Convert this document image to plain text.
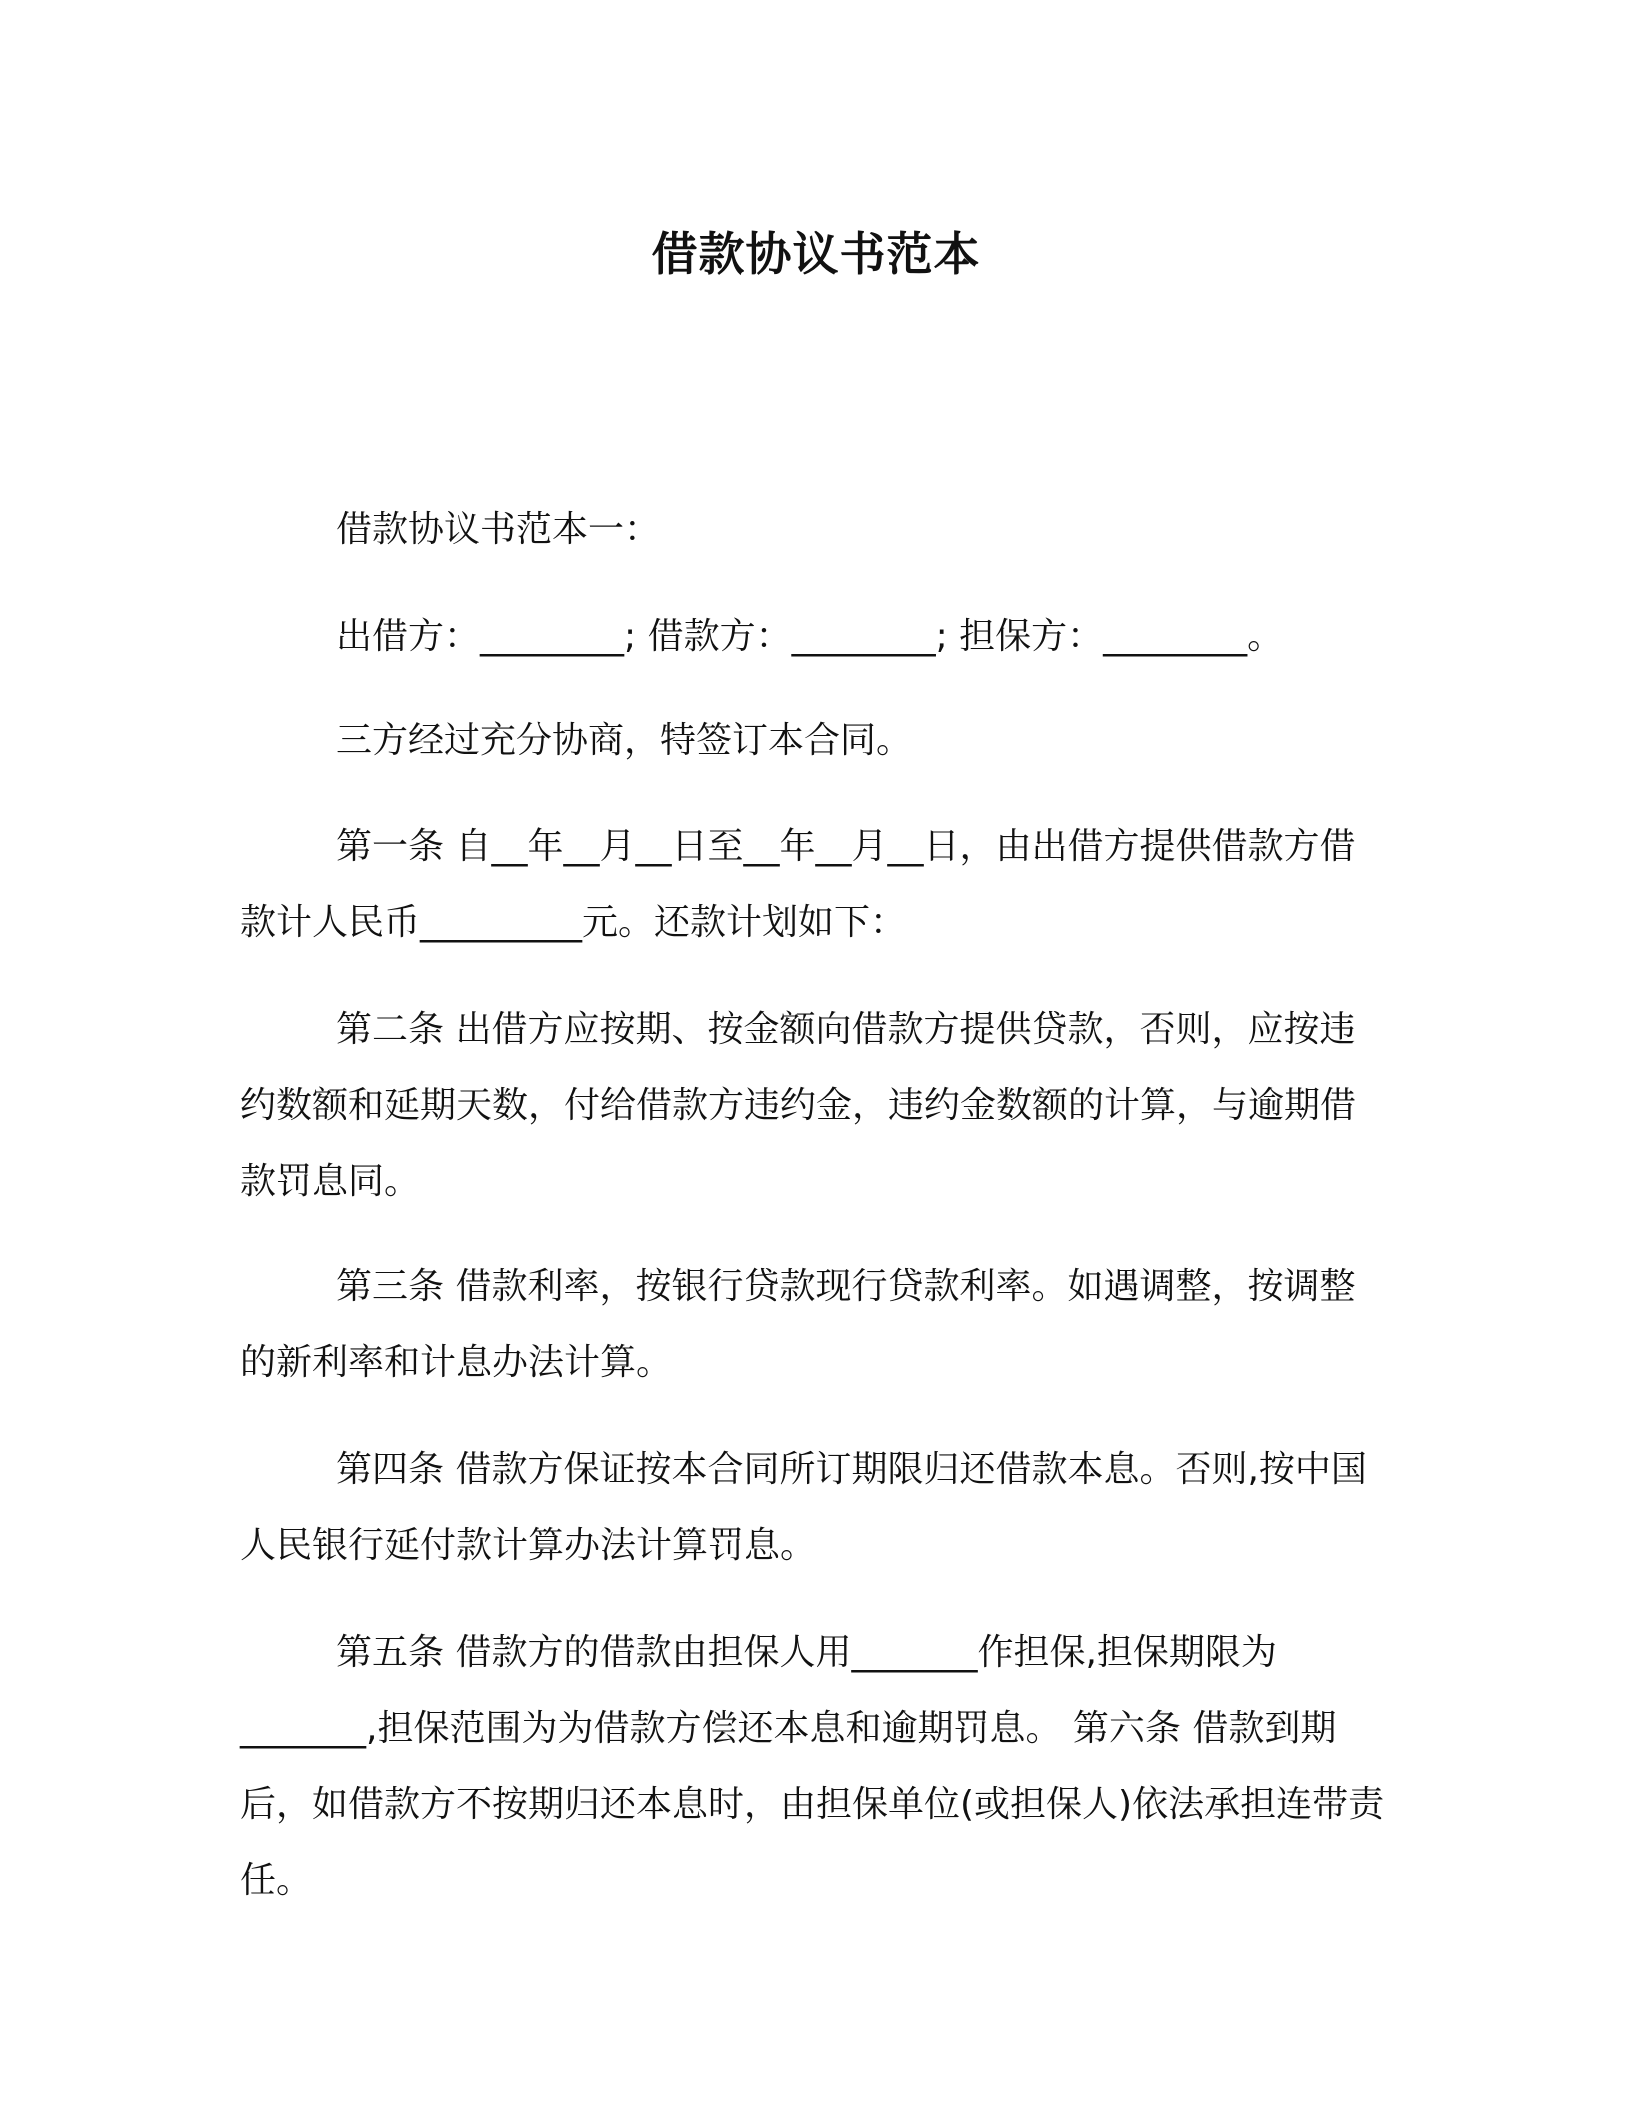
借款协议书范本

借款协议书范本一：

出借方：________; 借款方：________; 担保方：________。

三方经过充分协商，特签订本合同。

第一条 自__年__月__日至__年__月__日，由出借方提供借款方借款计人民币_________元。还款计划如下：

第二条 出借方应按期、按金额向借款方提供贷款，否则，应按违约数额和延期天数，付给借款方违约金，违约金数额的计算，与逾期借款罚息同。

第三条 借款利率，按银行贷款现行贷款利率。如遇调整，按调整的新利率和计息办法计算。

第四条 借款方保证按本合同所订期限归还借款本息。否则,按中国人民银行延付款计算办法计算罚息。

第五条 借款方的借款由担保人用_______作担保,担保期限为_______,担保范围为为借款方偿还本息和逾期罚息。 第六条 借款到期后，如借款方不按期归还本息时，由担保单位(或担保人)依法承担连带责任。
